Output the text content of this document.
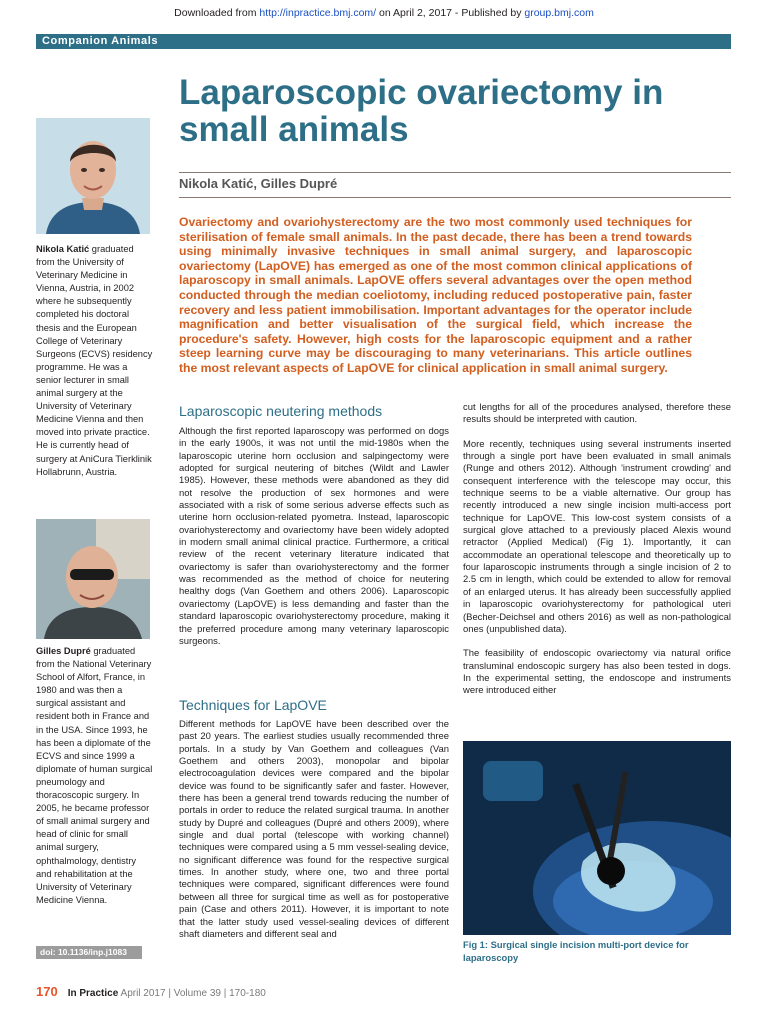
Downloaded from http://inpractice.bmj.com/ on April 2, 2017 - Published by group.bmj.com
Companion Animals
Nikola Katić graduated from the University of Veterinary Medicine in Vienna, Austria, in 2002 where he subsequently completed his doctoral thesis and the European College of Veterinary Surgeons (ECVS) residency programme. He was a senior lecturer in small animal surgery at the University of Veterinary Medicine Vienna and then moved into private practice. He is currently head of surgery at AniCura Tierklinik Hollabrunn, Austria.
Gilles Dupré graduated from the National Veterinary School of Alfort, France, in 1980 and was then a surgical assistant and resident both in France and in the USA. Since 1993, he has been a diplomate of the ECVS and since 1999 a diplomate of human surgical pneumology and thoracoscopic surgery. In 2005, he became professor of small animal surgery and head of clinic for small animal surgery, ophthalmology, dentistry and rehabilitation at the University of Veterinary Medicine Vienna.
doi: 10.1136/inp.j1083
Laparoscopic ovariectomy in small animals
Nikola Katić, Gilles Dupré

Ovariectomy and ovariohysterectomy are the two most commonly used techniques for sterilisation of female small animals. In the past decade, there has been a trend towards using minimally invasive techniques in small animal surgery, and laparoscopic ovariectomy (LapOVE) has emerged as one of the most common clinical applications of laparoscopy in small animals. LapOVE offers several advantages over the open method conducted through the median coeliotomy, including reduced postoperative pain, faster recovery and less patient immobilisation. Important advantages for the operator include magnification and better visualisation of the surgical field, which increase the procedure's safety. However, high costs for the laparoscopic equipment and a rather steep learning curve may be discouraging to many veterinarians. This article outlines the most relevant aspects of LapOVE for clinical application in small animal surgery.

Laparoscopic neutering methods

Although the first reported laparoscopy was performed on dogs in the early 1900s, it was not until the mid-1980s when the laparoscopic uterine horn occlusion and salpingectomy were adopted for surgical neutering of bitches (Wildt and Lawler 1985). However, these methods were abandoned as they did not resolve the production of sex hormones and were associated with a risk of some serious adverse effects such as uterine horn occlusion-related pyometra. Instead, laparoscopic ovariohysterectomy and ovariectomy have been widely adopted in modern small animal clinical practice. Furthermore, a critical review of the recent veterinary literature indicated that ovariectomy is safer than ovariohysterectomy and the former was recommended as the method of choice for neutering healthy dogs (Van Goethem and others 2006). Laparoscopic ovariectomy (LapOVE) is less demanding and faster than the standard laparoscopic ovariohysterectomy procedure, making it the preferred procedure among many veterinary laparoscopic surgeons.

Techniques for LapOVE

Different methods for LapOVE have been described over the past 20 years. The earliest studies usually recommended three portals. In a study by Van Goethem and colleagues (Van Goethem and others 2003), monopolar and bipolar electrocoagulation devices were compared and the bipolar device was found to be significantly safer and faster. However, there has been a general trend towards reducing the number of portals in order to reduce the related surgical trauma. In another study by Dupré and colleagues (Dupré and others 2009), where single and dual portal (telescope with working channel) techniques were compared using a 5 mm vessel-sealing device, no significant difference was found for the respective surgical times. In another study, where one, two and three portal techniques were compared, significant differences were found between all three for surgical time as well as for postoperative pain (Case and others 2011). However, it is important to note that the latter study used vessel-sealing devices of different shaft diameters and different seal and

cut lengths for all of the procedures analysed, therefore these results should be interpreted with caution.

More recently, techniques using several instruments inserted through a single port have been evaluated in small animals (Runge and others 2012). Although 'instrument crowding' and consequent interference with the telescope may occur, this technique seems to be a viable alternative. Our group has recently introduced a new single incision multi-access port technique for LapOVE. This low-cost system consists of a surgical glove attached to a previously placed Alexis wound retractor (Applied Medical) (Fig 1). Importantly, it can accommodate an operational telescope and theoretically up to four laparoscopic instruments through a single incision of 2 to 2.5 cm in length, which could be extended to allow for removal of an enlarged uterus. It has already been successfully applied in laparoscopic ovariohysterectomy for pathological uteri (Becher-Deichsel and others 2016) as well as non-pathological ones (unpublished data).

The feasibility of endoscopic ovariectomy via natural orifice transluminal endoscopic surgery has also been tested in dogs. In the experimental setting, the endoscope and instruments were introduced either

Fig 1: Surgical single incision multi-port device for laparoscopy
170 In Practice April 2017 | Volume 39 | 170-180
